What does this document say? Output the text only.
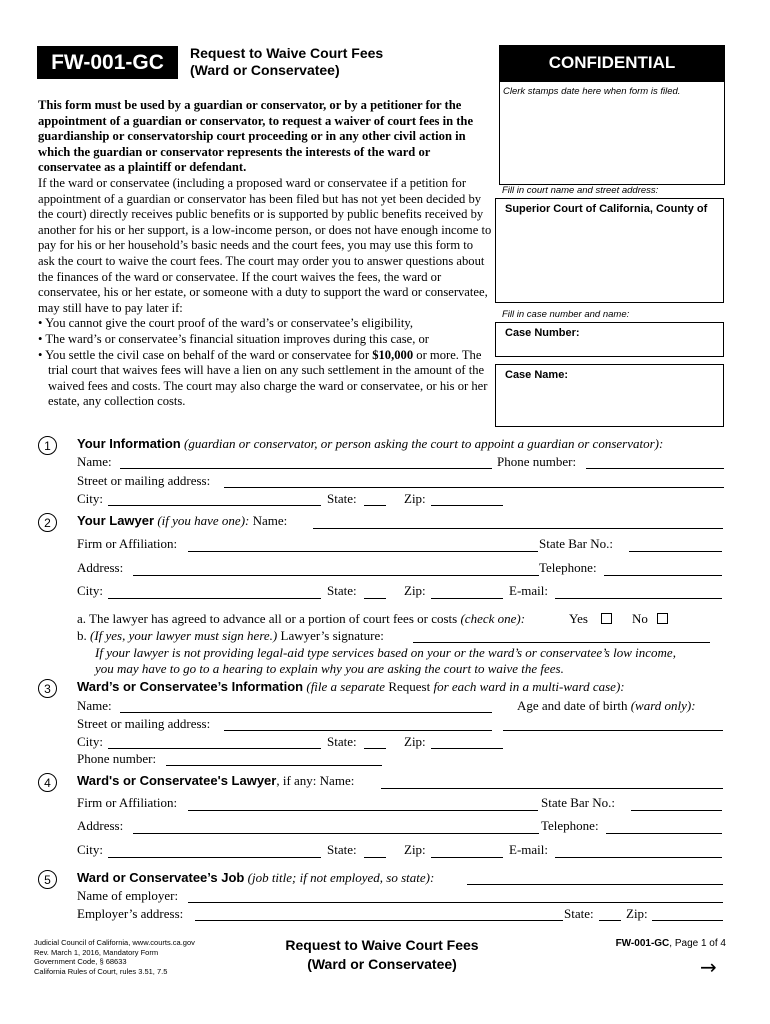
FW-001-GC	Request to Waive Court Fees
(Ward or Conservatee)	CONFIDENTIAL
Clerk stamps date here when form is filed.
Fill in court name and street address:
Superior Court of California, County of
Fill in case number and name:
Case Number:
Case Name:
This form must be used by a guardian or conservator, or by a petitioner for the appointment of a guardian or conservator, to request a waiver of court fees in the guardianship or conservatorship court proceeding or in any other civil action in which the guardian or conservator represents the interests of the ward or conservatee as a plaintiff or defendant.
If the ward or conservatee (including a proposed ward or conservatee if a petition for appointment of a guardian or conservator has been filed but has not yet been decided by the court) directly receives public benefits or is supported by public benefits received by another for his or her support, is a low-income person, or does not have enough income to pay for his or her household’s basic needs and the court fees, you may use this form to ask the court to waive the court fees. The court may order you to answer questions about the finances of the ward or conservatee. If the court waives the fees, the ward or conservatee, his or her estate, or someone with a duty to support the ward or conservatee, may still have to pay later if:
• You cannot give the court proof of the ward’s or conservatee’s eligibility,
• The ward’s or conservatee’s financial situation improves during this case, or
• You settle the civil case on behalf of the ward or conservatee for $10,000 or more. The trial court that waives fees will have a lien on any such settlement in the amount of the waived fees and costs. The court may also charge the ward or conservatee, or his or her estate, any collection costs.
1	Your Information (guardian or conservator, or person asking the court to appoint a guardian or conservator):
Name:	Phone number:
Street or mailing address:
City:	State:	Zip:
2	Your Lawyer (if you have one): Name:
Firm or Affiliation:	State Bar No.:
Address:	Telephone:
City:	State:	Zip:	E-mail:
a. The lawyer has agreed to advance all or a portion of court fees or costs (check one):	Yes	No
b. (If yes, your lawyer must sign here.) Lawyer’s signature:
If your lawyer is not providing legal-aid type services based on your or the ward’s or conservatee’s low income,
you may have to go to a hearing to explain why you are asking the court to waive the fees.
3	Ward’s or Conservatee’s Information (file a separate Request for each ward in a multi-ward case):
Name:	Age and date of birth (ward only):
Street or mailing address:
City:	State:	Zip:
Phone number:
4	Ward's or Conservatee's Lawyer, if any: Name:
Firm or Affiliation:	State Bar No.:
Address:	Telephone:
City:	State:	Zip:	E-mail:
5	Ward or Conservatee’s Job (job title; if not employed, so state):
Name of employer:
Employer’s address:	State: Zip:
Judicial Council of California, www.courts.ca.gov
Rev. March 1, 2016, Mandatory Form
Government Code, § 68633
California Rules of Court, rules 3.51, 7.5
Request to Waive Court Fees
(Ward or Conservatee)
FW-001-GC, Page 1 of 4
→
